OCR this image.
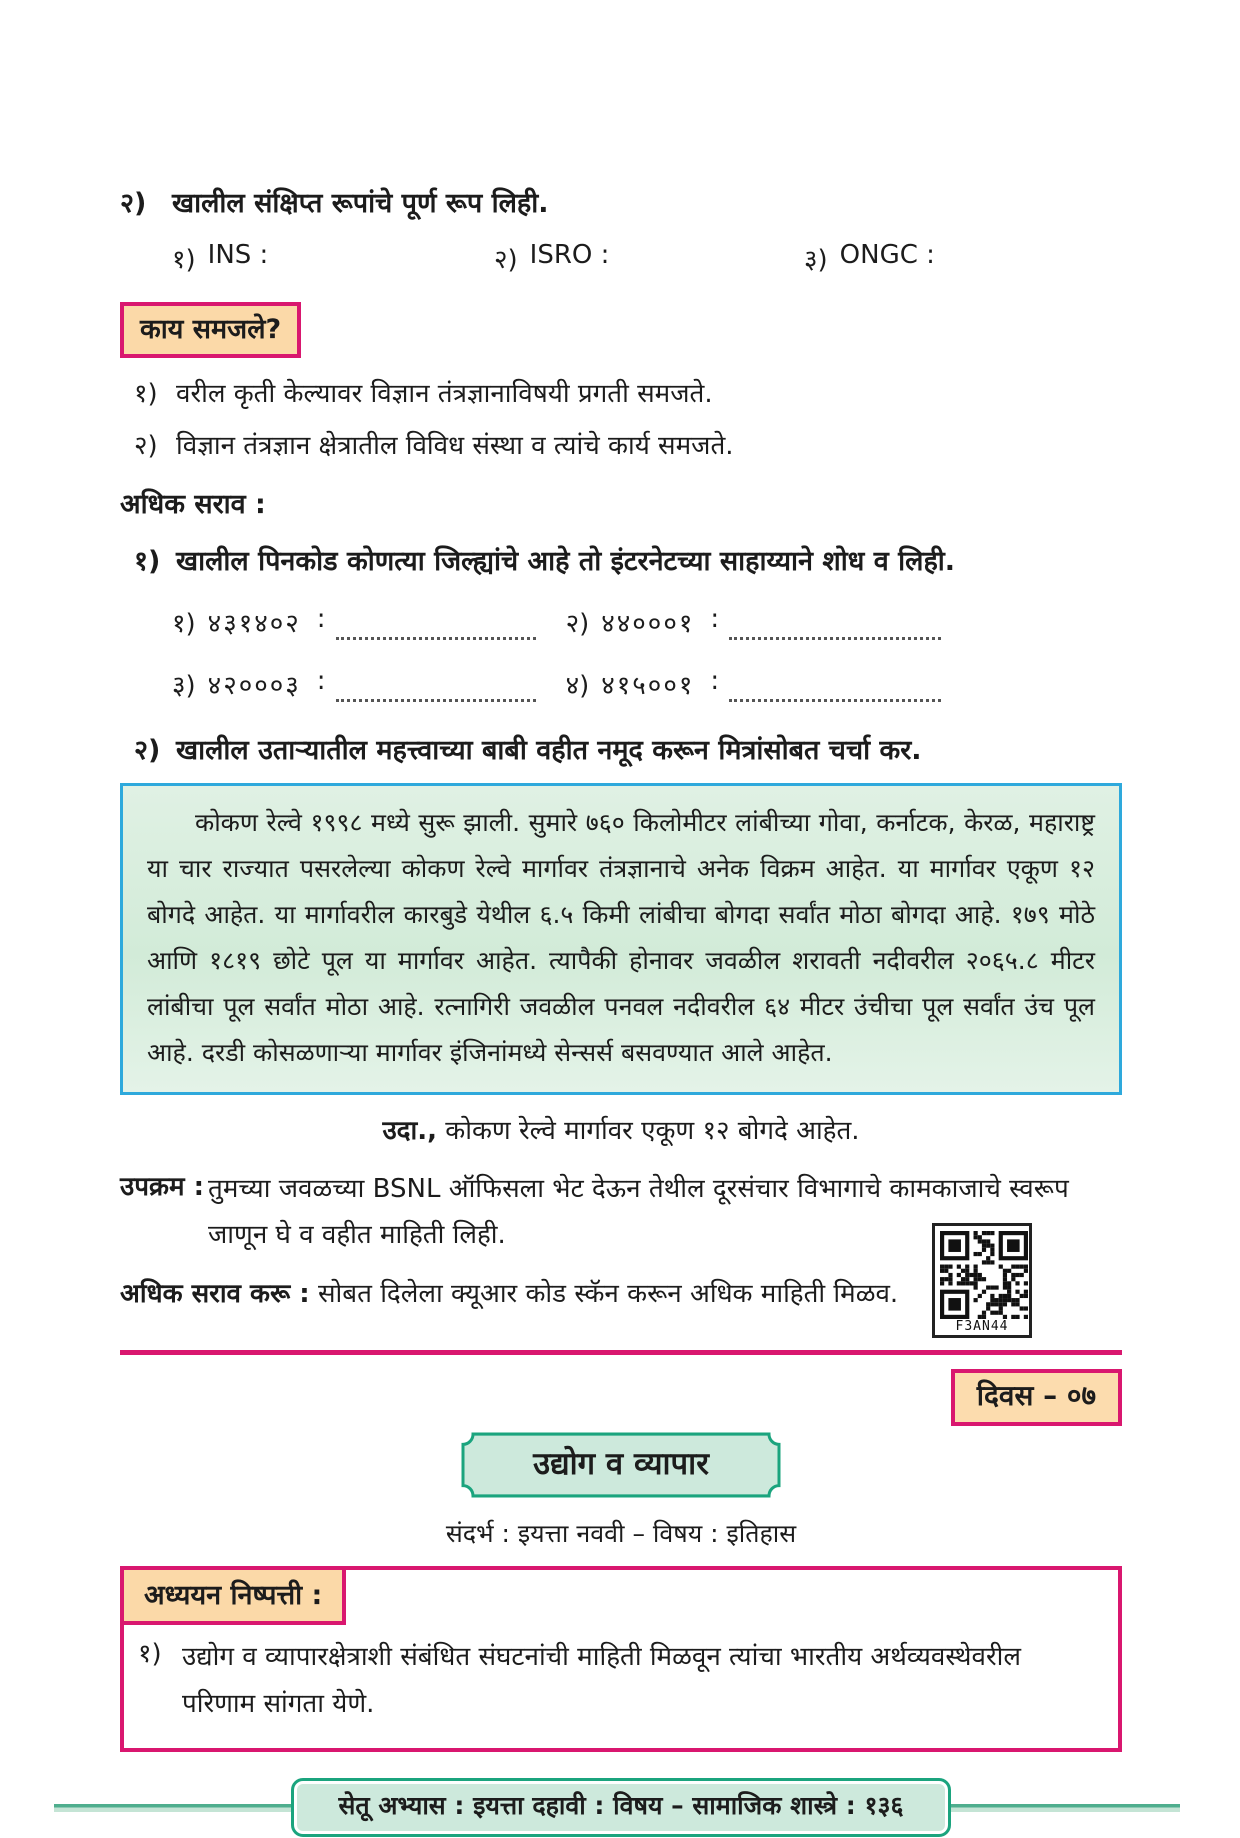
२) खालील संक्षिप्त रूपांचे पूर्ण रूप लिही.
१) INS :	२) ISRO :	३) ONGC :
काय समजले?
१) वरील कृती केल्यावर विज्ञान तंत्रज्ञानाविषयी प्रगती समजते.
२) विज्ञान तंत्रज्ञान क्षेत्रातील विविध संस्था व त्यांचे कार्य समजते.
अधिक सराव :
१) खालील पिनकोड कोणत्या जिल्ह्यांचे आहे तो इंटरनेटच्या साहाय्याने शोध व लिही.
१) ४३१४०२ :	२) ४४०००१ :
३) ४२०००३ :	४) ४१५००१ :
२) खालील उताऱ्यातील महत्त्वाच्या बाबी वहीत नमूद करून मित्रांसोबत चर्चा कर.

कोकण रेल्वे १९९८ मध्ये सुरू झाली. सुमारे ७६० किलोमीटर लांबीच्या गोवा, कर्नाटक, केरळ, महाराष्ट्र या चार राज्यात पसरलेल्या कोकण रेल्वे मार्गावर तंत्रज्ञानाचे अनेक विक्रम आहेत. या मार्गावर एकूण १२ बोगदे आहेत. या मार्गावरील कारबुडे येथील ६.५ किमी लांबीचा बोगदा सर्वांत मोठा बोगदा आहे. १७९ मोठे आणि १८१९ छोटे पूल या मार्गावर आहेत. त्यापैकी होनावर जवळील शरावती नदीवरील २०६५.८ मीटर लांबीचा पूल सर्वांत मोठा आहे. रत्नागिरी जवळील पनवल नदीवरील ६४ मीटर उंचीचा पूल सर्वांत उंच पूल आहे. दरडी कोसळणाऱ्या मार्गावर इंजिनांमध्ये सेन्सर्स बसवण्यात आले आहेत.

उदा., कोकण रेल्वे मार्गावर एकूण १२ बोगदे आहेत.
उपक्रम : तुमच्या जवळच्या BSNL ऑफिसला भेट देऊन तेथील दूरसंचार विभागाचे कामकाजाचे स्वरूप जाणून घे व वहीत माहिती लिही.
अधिक सराव करू : सोबत दिलेला क्यूआर कोड स्कॅन करून अधिक माहिती मिळव.
F3AN44
दिवस – ०७
उद्योग व व्यापार
संदर्भ : इयत्ता नववी – विषय : इतिहास
अध्ययन निष्पत्ती :
१) उद्योग व व्यापारक्षेत्राशी संबंधित संघटनांची माहिती मिळवून त्यांचा भारतीय अर्थव्यवस्थेवरील परिणाम सांगता येणे.
सेतू अभ्यास : इयत्ता दहावी : विषय – सामाजिक शास्त्रे : १३६
